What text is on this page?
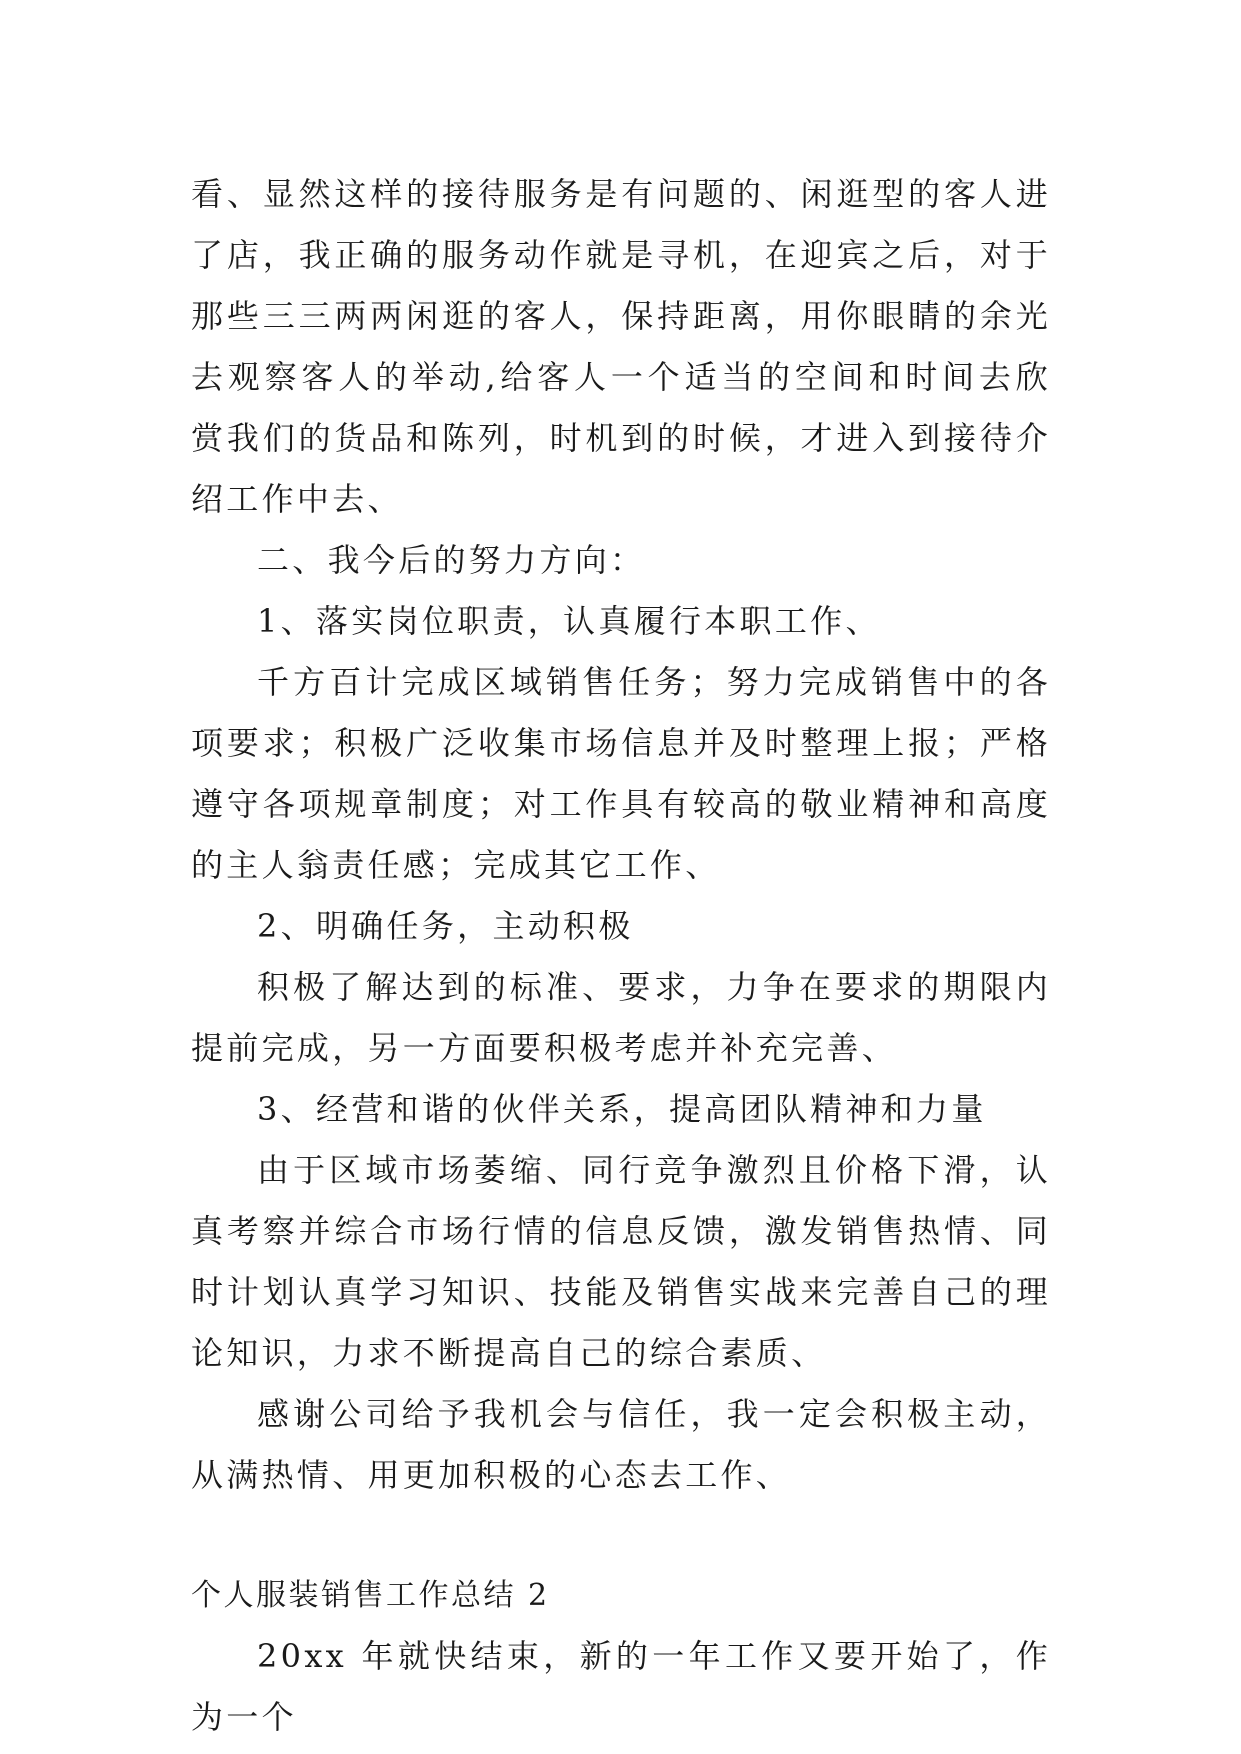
看、显然这样的接待服务是有问题的、闲逛型的客人进了店，我正确的服务动作就是寻机，在迎宾之后，对于那些三三两两闲逛的客人，保持距离，用你眼睛的余光去观察客人的举动,给客人一个适当的空间和时间去欣赏我们的货品和陈列，时机到的时候，才进入到接待介绍工作中去、

二、我今后的努力方向：

1、落实岗位职责，认真履行本职工作、

千方百计完成区域销售任务；努力完成销售中的各项要求；积极广泛收集市场信息并及时整理上报；严格遵守各项规章制度；对工作具有较高的敬业精神和高度的主人翁责任感；完成其它工作、

2、明确任务，主动积极

积极了解达到的标准、要求，力争在要求的期限内提前完成，另一方面要积极考虑并补充完善、

3、经营和谐的伙伴关系，提高团队精神和力量

由于区域市场萎缩、同行竞争激烈且价格下滑，认真考察并综合市场行情的信息反馈，激发销售热情、同时计划认真学习知识、技能及销售实战来完善自己的理论知识，力求不断提高自己的综合素质、

感谢公司给予我机会与信任，我一定会积极主动，从满热情、用更加积极的心态去工作、

个人服装销售工作总结 2

20xx 年就快结束，新的一年工作又要开始了，作为一个
